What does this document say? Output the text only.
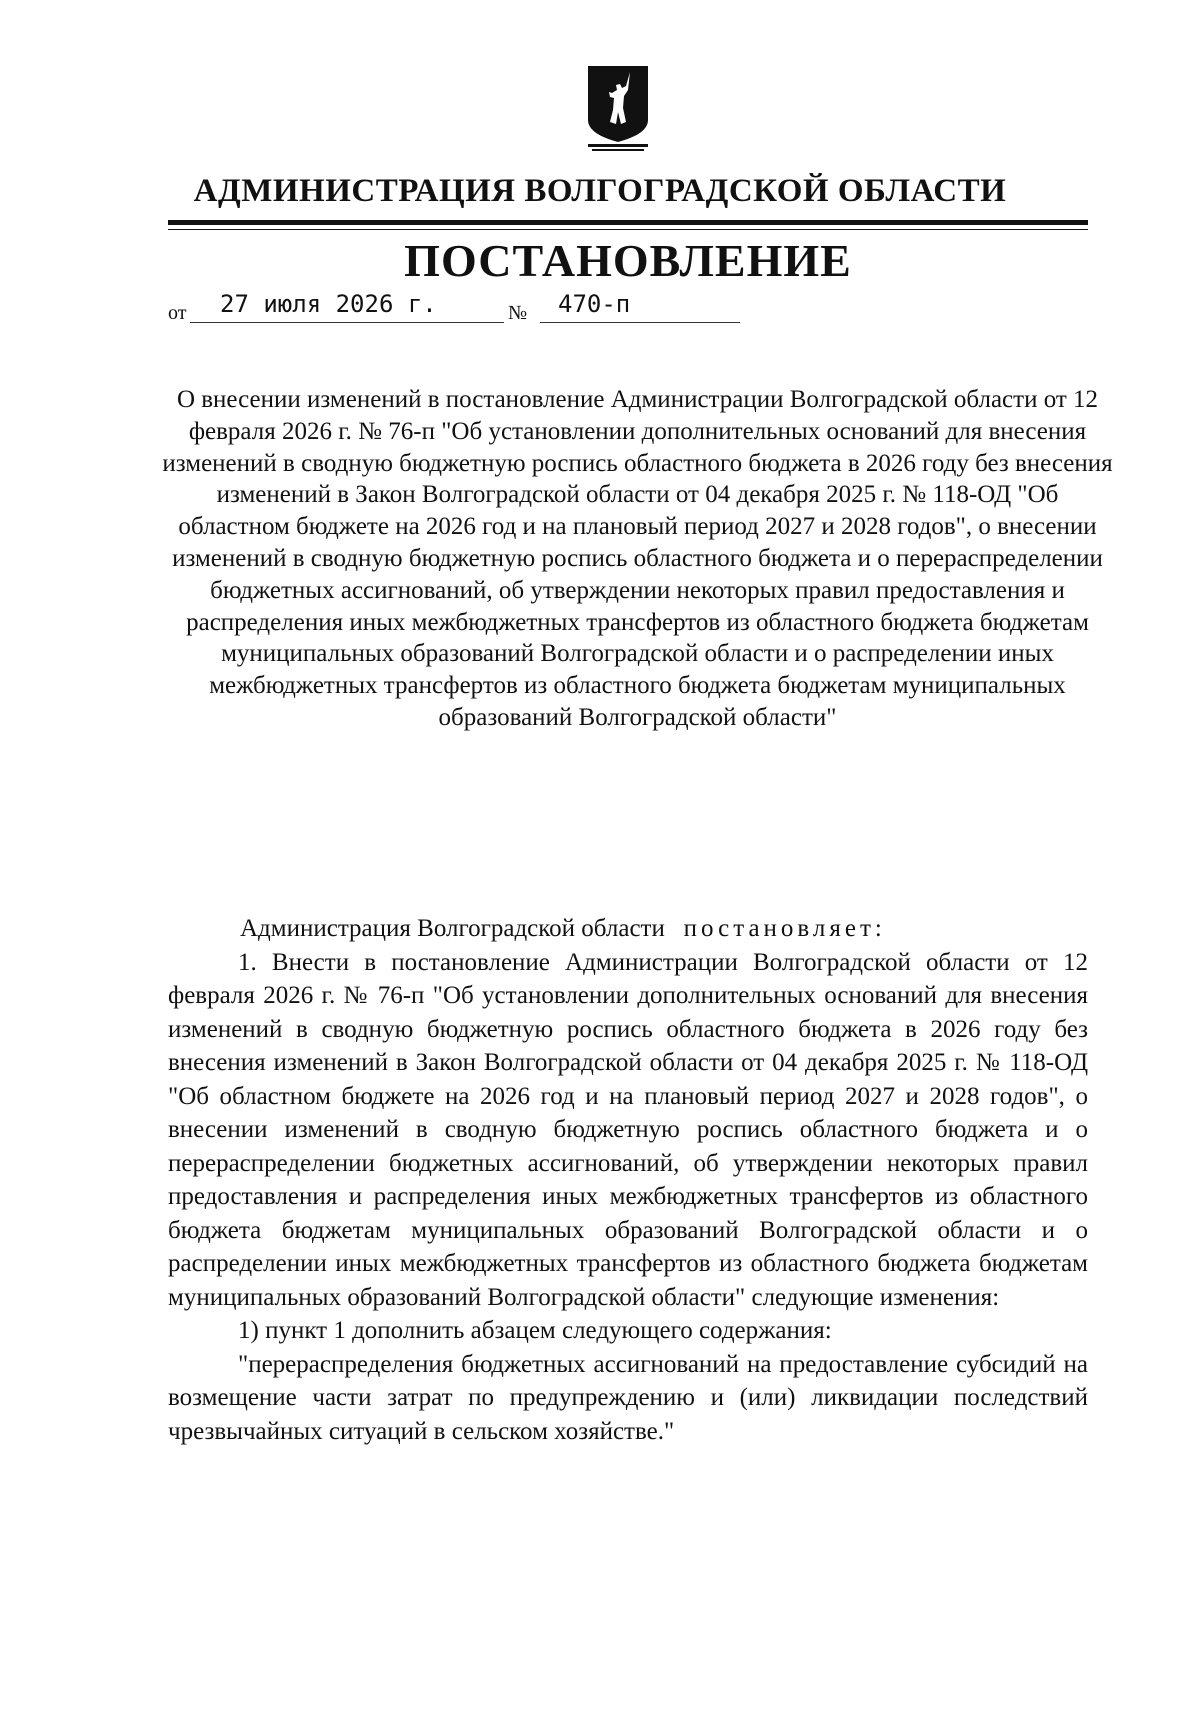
АДМИНИСТРАЦИЯ ВОЛГОГРАДСКОЙ ОБЛАСТИ
ПОСТАНОВЛЕНИЕ
от 27 июля 2026 г.	№ 470-п
О внесении изменений в постановление Администрации Волгоградской области от 12 февраля 2026 г. № 76-п "Об установлении дополнительных оснований для внесения изменений в сводную бюджетную роспись областного бюджета в 2026 году без внесения изменений в Закон Волгоградской области от 04 декабря 2025 г. № 118-ОД "Об областном бюджете на 2026 год и на плановый период 2027 и 2028 годов", о внесении изменений в сводную бюджетную роспись областного бюджета и о перераспределении бюджетных ассигнований, об утверждении некоторых правил предоставления и распределения иных межбюджетных трансфертов из областного бюджета бюджетам муниципальных образований Волгоградской области и о распределении иных межбюджетных трансфертов из областного бюджета бюджетам муниципальных образований Волгоградской области"

Администрация Волгоградской области постановляет:

1. Внести в постановление Администрации Волгоградской области от 12 февраля 2026 г. № 76-п "Об установлении дополнительных оснований для внесения изменений в сводную бюджетную роспись областного бюджета в 2026 году без внесения изменений в Закон Волгоградской области от 04 декабря 2025 г. № 118-ОД "Об областном бюджете на 2026 год и на плановый период 2027 и 2028 годов", о внесении изменений в сводную бюджетную роспись областного бюджета и о перераспределении бюджетных ассигнований, об утверждении некоторых правил предоставления и распределения иных межбюджетных трансфертов из областного бюджета бюджетам муниципальных образований Волгоградской области и о распределении иных межбюджетных трансфертов из областного бюджета бюджетам муниципальных образований Волгоградской области" следующие изменения:

1) пункт 1 дополнить абзацем следующего содержания:

"перераспределения бюджетных ассигнований на предоставление субсидий на возмещение части затрат по предупреждению и (или) ликвидации последствий чрезвычайных ситуаций в сельском хозяйстве."
